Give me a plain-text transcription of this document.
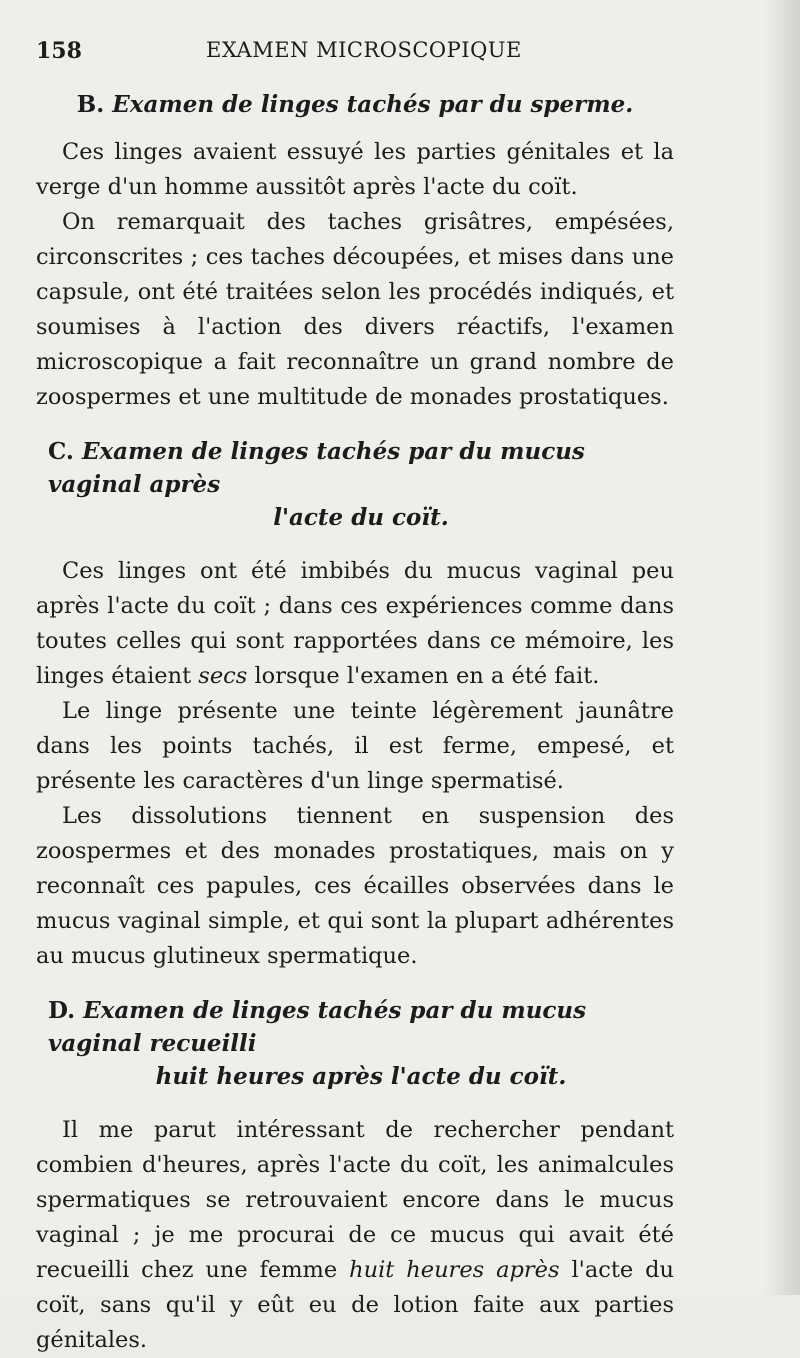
158	EXAMEN MICROSCOPIQUE
B. Examen de linges tachés par du sperme.

Ces linges avaient essuyé les parties génitales et la verge d'un homme aussitôt après l'acte du coït.

On remarquait des taches grisâtres, empésées, circonscrites ; ces taches découpées, et mises dans une capsule, ont été traitées selon les procédés indiqués, et soumises à l'action des divers réactifs, l'examen microscopique a fait reconnaître un grand nombre de zoospermes et une multitude de monades prostatiques.

C. Examen de linges tachés par du mucus vaginal après
l'acte du coït.

Ces linges ont été imbibés du mucus vaginal peu après l'acte du coït ; dans ces expériences comme dans toutes celles qui sont rapportées dans ce mémoire, les linges étaient secs lorsque l'examen en a été fait.

Le linge présente une teinte légèrement jaunâtre dans les points tachés, il est ferme, empesé, et présente les caractères d'un linge spermatisé.

Les dissolutions tiennent en suspension des zoospermes et des monades prostatiques, mais on y reconnaît ces papules, ces écailles observées dans le mucus vaginal simple, et qui sont la plupart adhérentes au mucus glutineux spermatique.

D. Examen de linges tachés par du mucus vaginal recueilli
huit heures après l'acte du coït.

Il me parut intéressant de rechercher pendant combien d'heures, après l'acte du coït, les animalcules spermatiques se retrouvaient encore dans le mucus vaginal ; je me procurai de ce mucus qui avait été recueilli chez une femme huit heures après l'acte du coït, sans qu'il y eût eu de lotion faite aux parties génitales.
